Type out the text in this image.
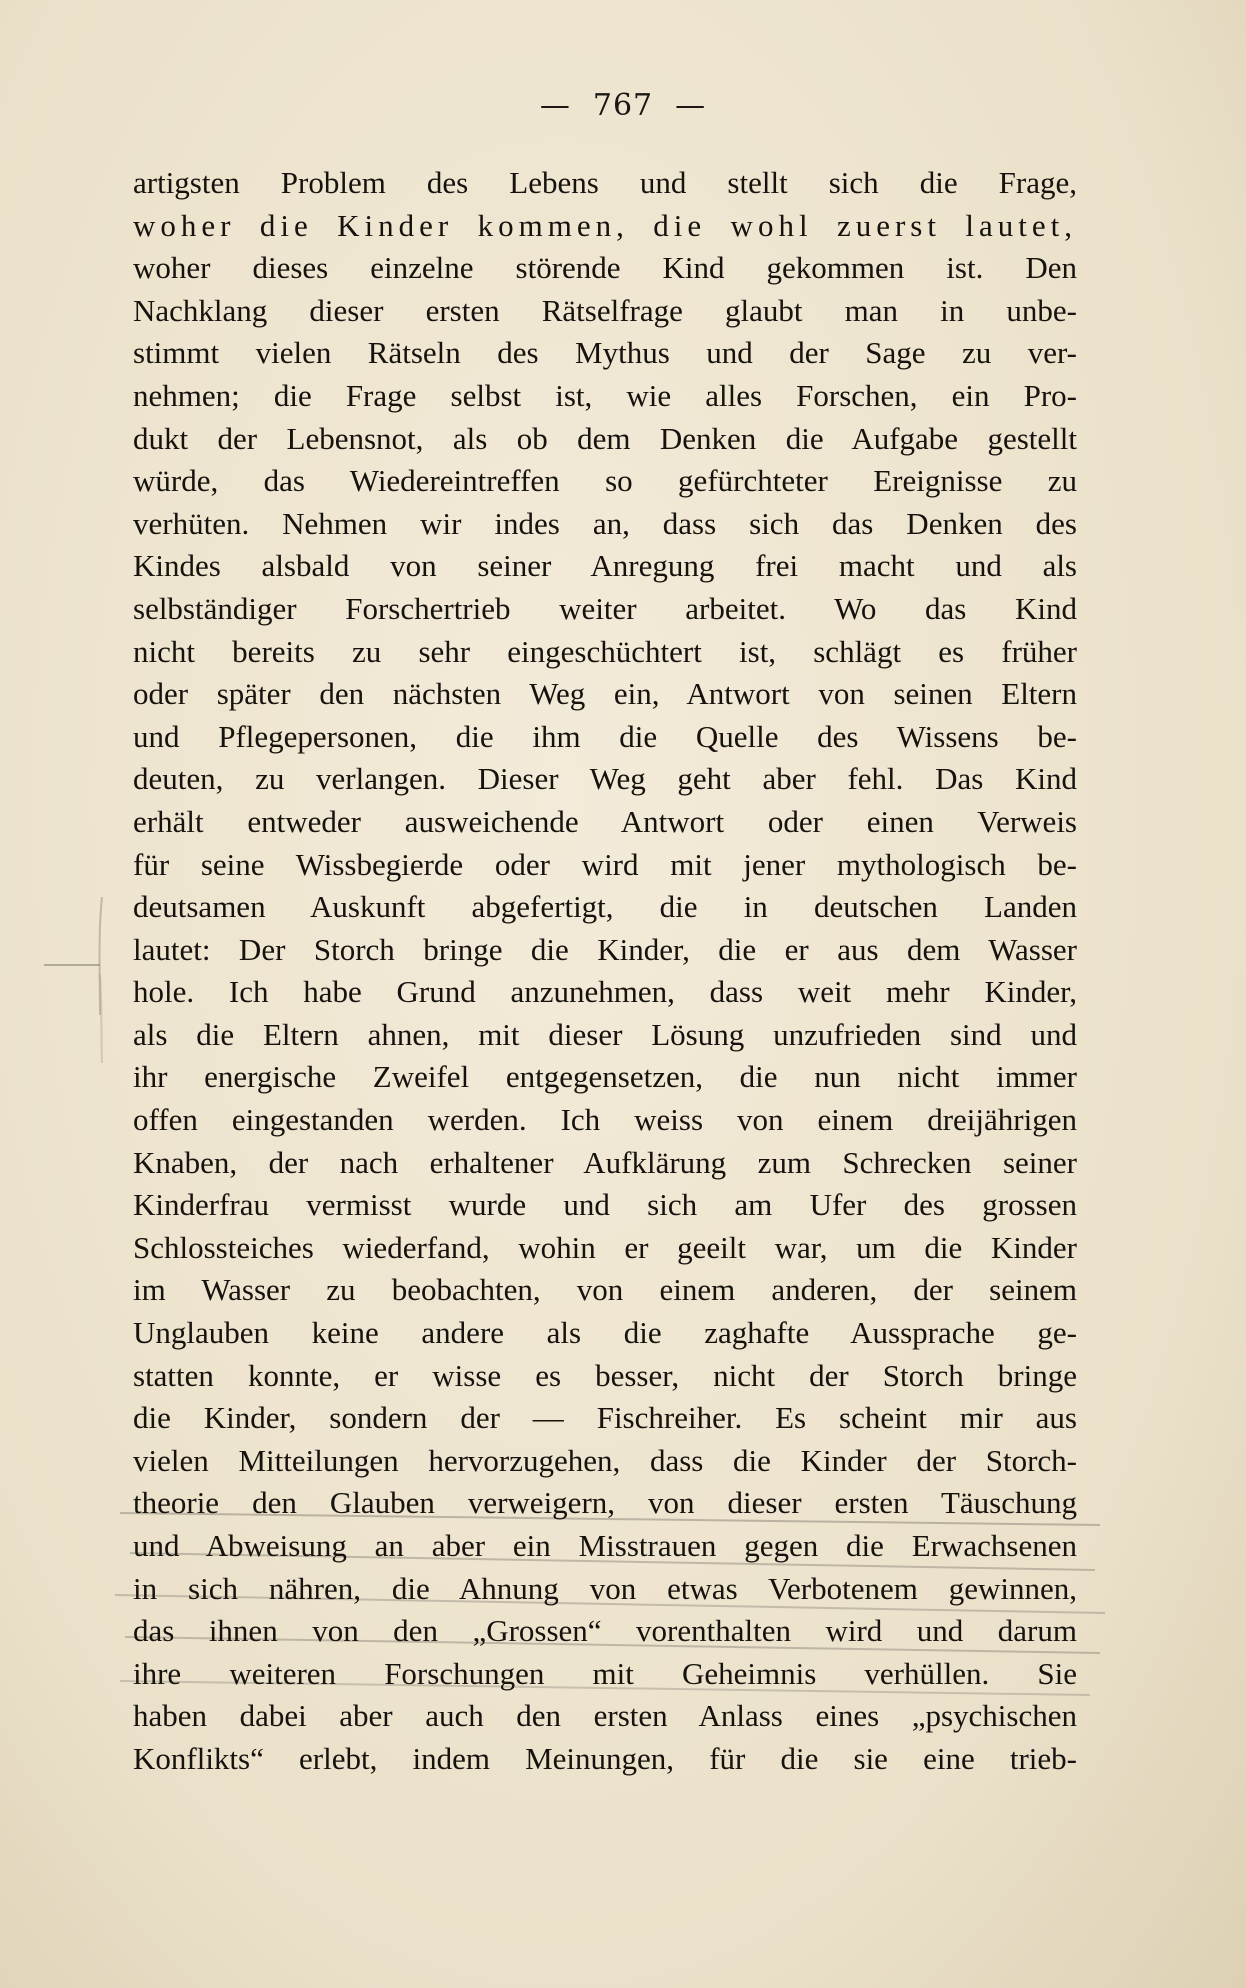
— 767 —
artigsten Problem des Lebens und stellt sich die Frage,
woher die Kinder kommen, die wohl zuerst lautet,
woher dieses einzelne störende Kind gekommen ist. Den
Nachklang dieser ersten Rätselfrage glaubt man in unbe-
stimmt vielen Rätseln des Mythus und der Sage zu ver-
nehmen; die Frage selbst ist, wie alles Forschen, ein Pro-
dukt der Lebensnot, als ob dem Denken die Aufgabe gestellt
würde, das Wiedereintreffen so gefürchteter Ereignisse zu
verhüten. Nehmen wir indes an, dass sich das Denken des
Kindes alsbald von seiner Anregung frei macht und als
selbständiger Forschertrieb weiter arbeitet. Wo das Kind
nicht bereits zu sehr eingeschüchtert ist, schlägt es früher
oder später den nächsten Weg ein, Antwort von seinen Eltern
und Pflegepersonen, die ihm die Quelle des Wissens be-
deuten, zu verlangen. Dieser Weg geht aber fehl. Das Kind
erhält entweder ausweichende Antwort oder einen Verweis
für seine Wissbegierde oder wird mit jener mythologisch be-
deutsamen Auskunft abgefertigt, die in deutschen Landen
lautet: Der Storch bringe die Kinder, die er aus dem Wasser
hole. Ich habe Grund anzunehmen, dass weit mehr Kinder,
als die Eltern ahnen, mit dieser Lösung unzufrieden sind und
ihr energische Zweifel entgegensetzen, die nun nicht immer
offen eingestanden werden. Ich weiss von einem dreijährigen
Knaben, der nach erhaltener Aufklärung zum Schrecken seiner
Kinderfrau vermisst wurde und sich am Ufer des grossen
Schlossteiches wiederfand, wohin er geeilt war, um die Kinder
im Wasser zu beobachten, von einem anderen, der seinem
Unglauben keine andere als die zaghafte Aussprache ge-
statten konnte, er wisse es besser, nicht der Storch bringe
die Kinder, sondern der — Fischreiher. Es scheint mir aus
vielen Mitteilungen hervorzugehen, dass die Kinder der Storch-
theorie den Glauben verweigern, von dieser ersten Täuschung
und Abweisung an aber ein Misstrauen gegen die Erwachsenen
in sich nähren, die Ahnung von etwas Verbotenem gewinnen,
das ihnen von den „Grossen“ vorenthalten wird und darum
ihre weiteren Forschungen mit Geheimnis verhüllen. Sie
haben dabei aber auch den ersten Anlass eines „psychischen
Konflikts“ erlebt, indem Meinungen, für die sie eine trieb-
